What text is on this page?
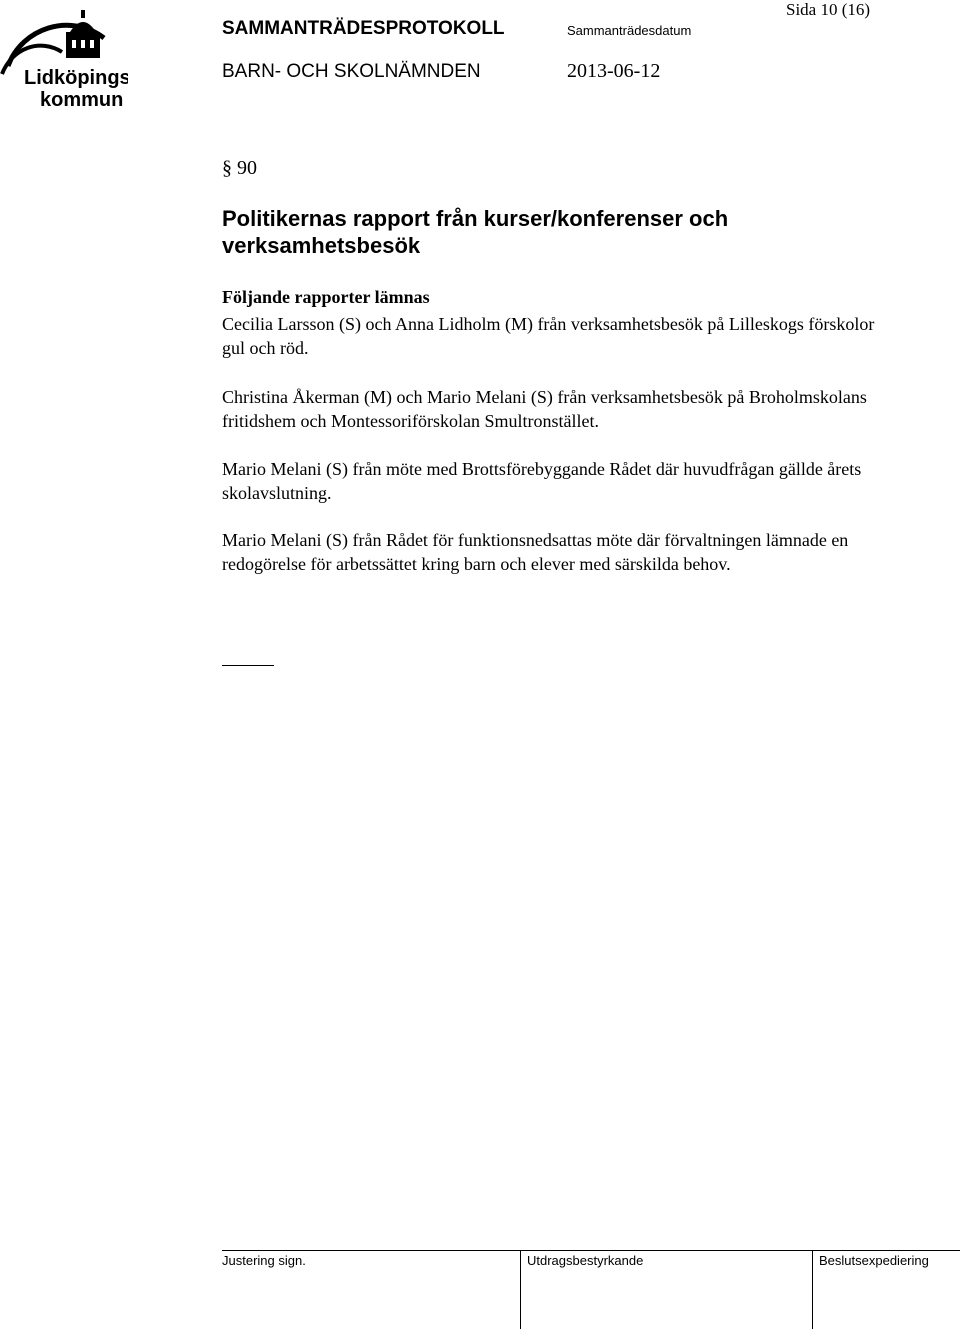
Lidköpings
kommun
SAMMANTRÄDESPROTOKOLL	Sammanträdesdatum
Sida 10 (16)
BARN- OCH SKOLNÄMNDEN	2013-06-12
§ 90
Politikernas rapport från kurser/konferenser och verksamhetsbesök
Följande rapporter lämnas
Cecilia Larsson (S) och Anna Lidholm (M) från verksamhetsbesök på Lilleskogs förskolor gul och röd.
Christina Åkerman (M) och Mario Melani (S) från verksamhetsbesök på Broholmskolans fritidshem och Montessoriförskolan Smultronstället.
Mario Melani (S) från möte med Brottsförebyggande Rådet där huvudfrågan gällde årets skolavslutning.
Mario Melani (S) från Rådet för funktionsnedsattas möte där förvaltningen lämnade en redogörelse för arbetssättet kring barn och elever med särskilda behov.
Justering sign.	Utdragsbestyrkande	Beslutsexpediering
